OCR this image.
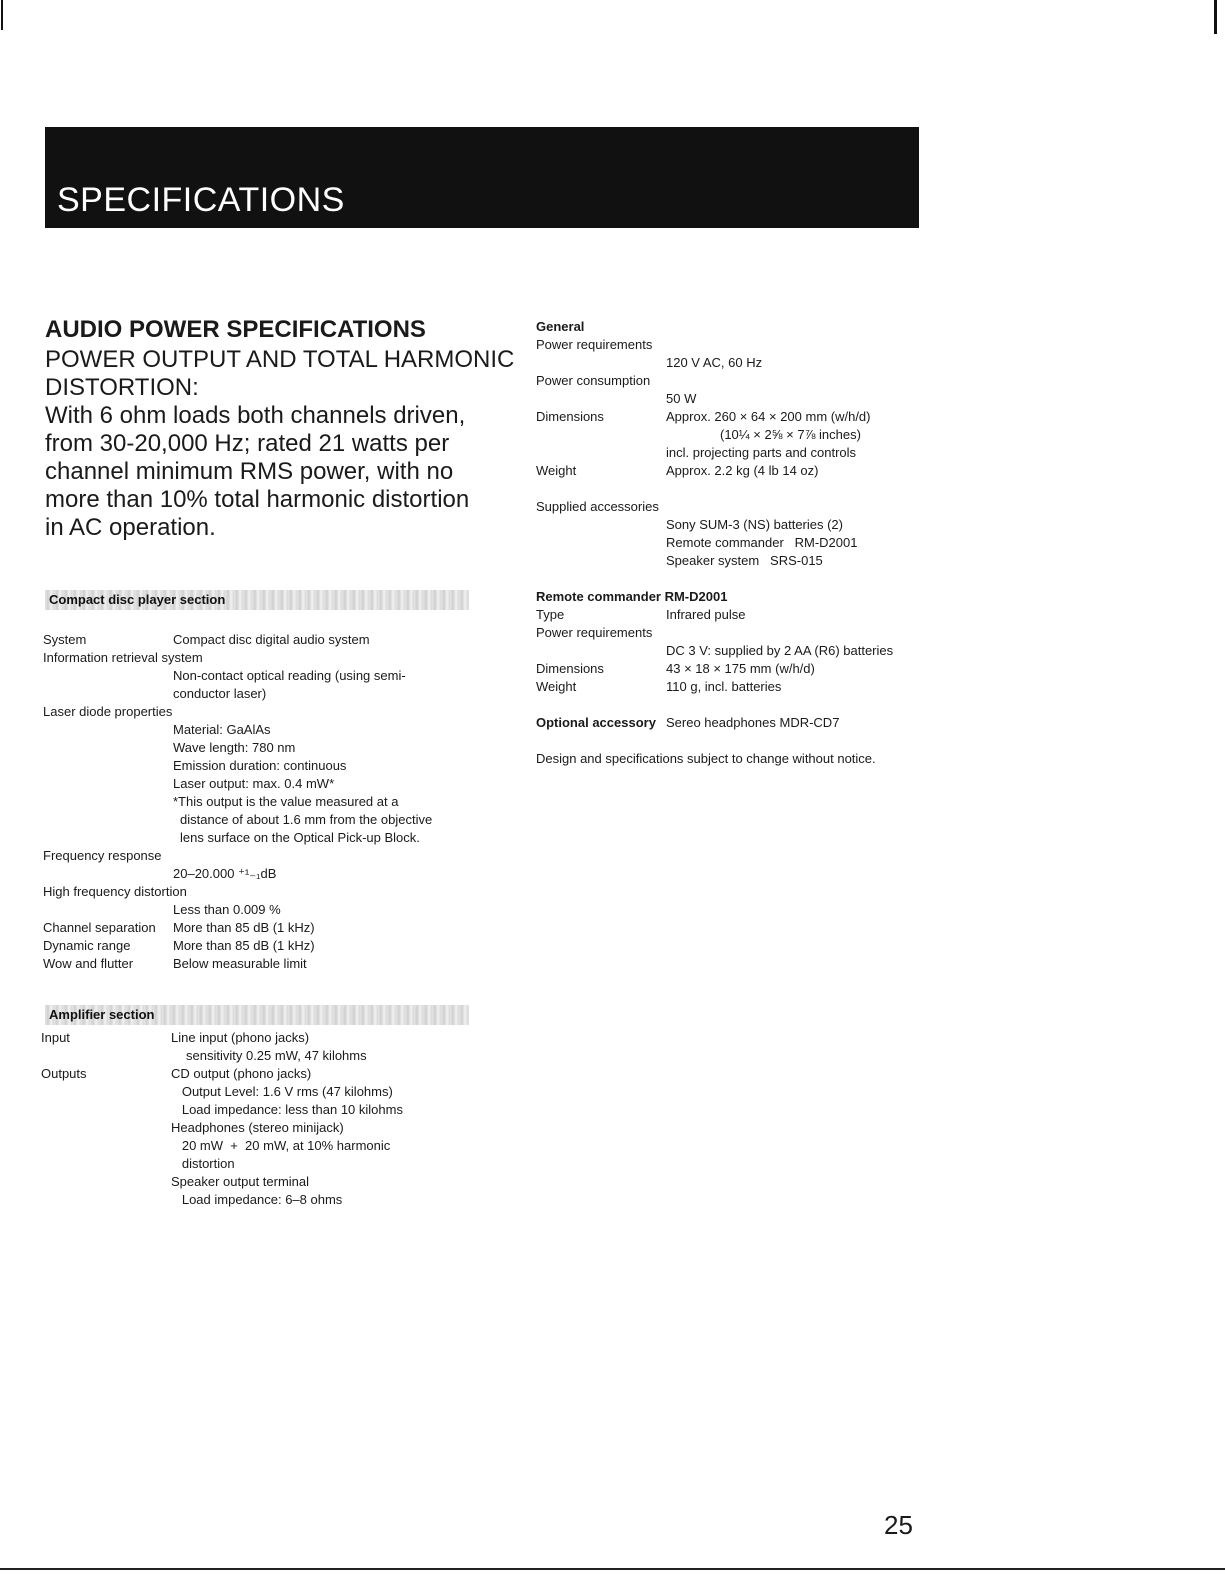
SPECIFICATIONS
AUDIO POWER SPECIFICATIONS
POWER OUTPUT AND TOTAL HARMONIC
DISTORTION:
With 6 ohm loads both channels driven,
from 30-20,000 Hz; rated 21 watts per
channel minimum RMS power, with no
more than 10% total harmonic distortion
in AC operation.
Compact disc player section
System	Compact disc digital audio system
Information retrieval system
Non-contact optical reading (using semi-
conductor laser)
Laser diode properties
Material: GaAlAs
Wave length: 780 nm
Emission duration: continuous
Laser output: max. 0.4 mW*
*This output is the value measured at a
distance of about 1.6 mm from the objective
lens surface on the Optical Pick-up Block.
Frequency response
20–20.000 ⁺¹₋₁dB
High frequency distortion
Less than 0.009 %
Channel separation	More than 85 dB (1 kHz)
Dynamic range	More than 85 dB (1 kHz)
Wow and flutter	Below measurable limit
Amplifier section
Input	Line input (phono jacks)
sensitivity 0.25 mW, 47 kilohms
Outputs	CD output (phono jacks)
Output Level: 1.6 V rms (47 kilohms)
Load impedance: less than 10 kilohms
Headphones (stereo minijack)
20 mW  +  20 mW, at 10% harmonic
distortion
Speaker output terminal
Load impedance: 6–8 ohms
General
Power requirements
120 V AC, 60 Hz
Power consumption
50 W
Dimensions	Approx. 260 × 64 × 200 mm (w/h/d)
(10¼ × 2⅝ × 7⅞ inches)
incl. projecting parts and controls
Weight	Approx. 2.2 kg (4 lb 14 oz)
Supplied accessories
Sony SUM-3 (NS) batteries (2)
Remote commander   RM-D2001
Speaker system   SRS-015
Remote commander RM-D2001
Type	Infrared pulse
Power requirements
DC 3 V: supplied by 2 AA (R6) batteries
Dimensions	43 × 18 × 175 mm (w/h/d)
Weight	110 g, incl. batteries
Optional accessory Sereo headphones MDR-CD7
Design and specifications subject to change without notice.
25
